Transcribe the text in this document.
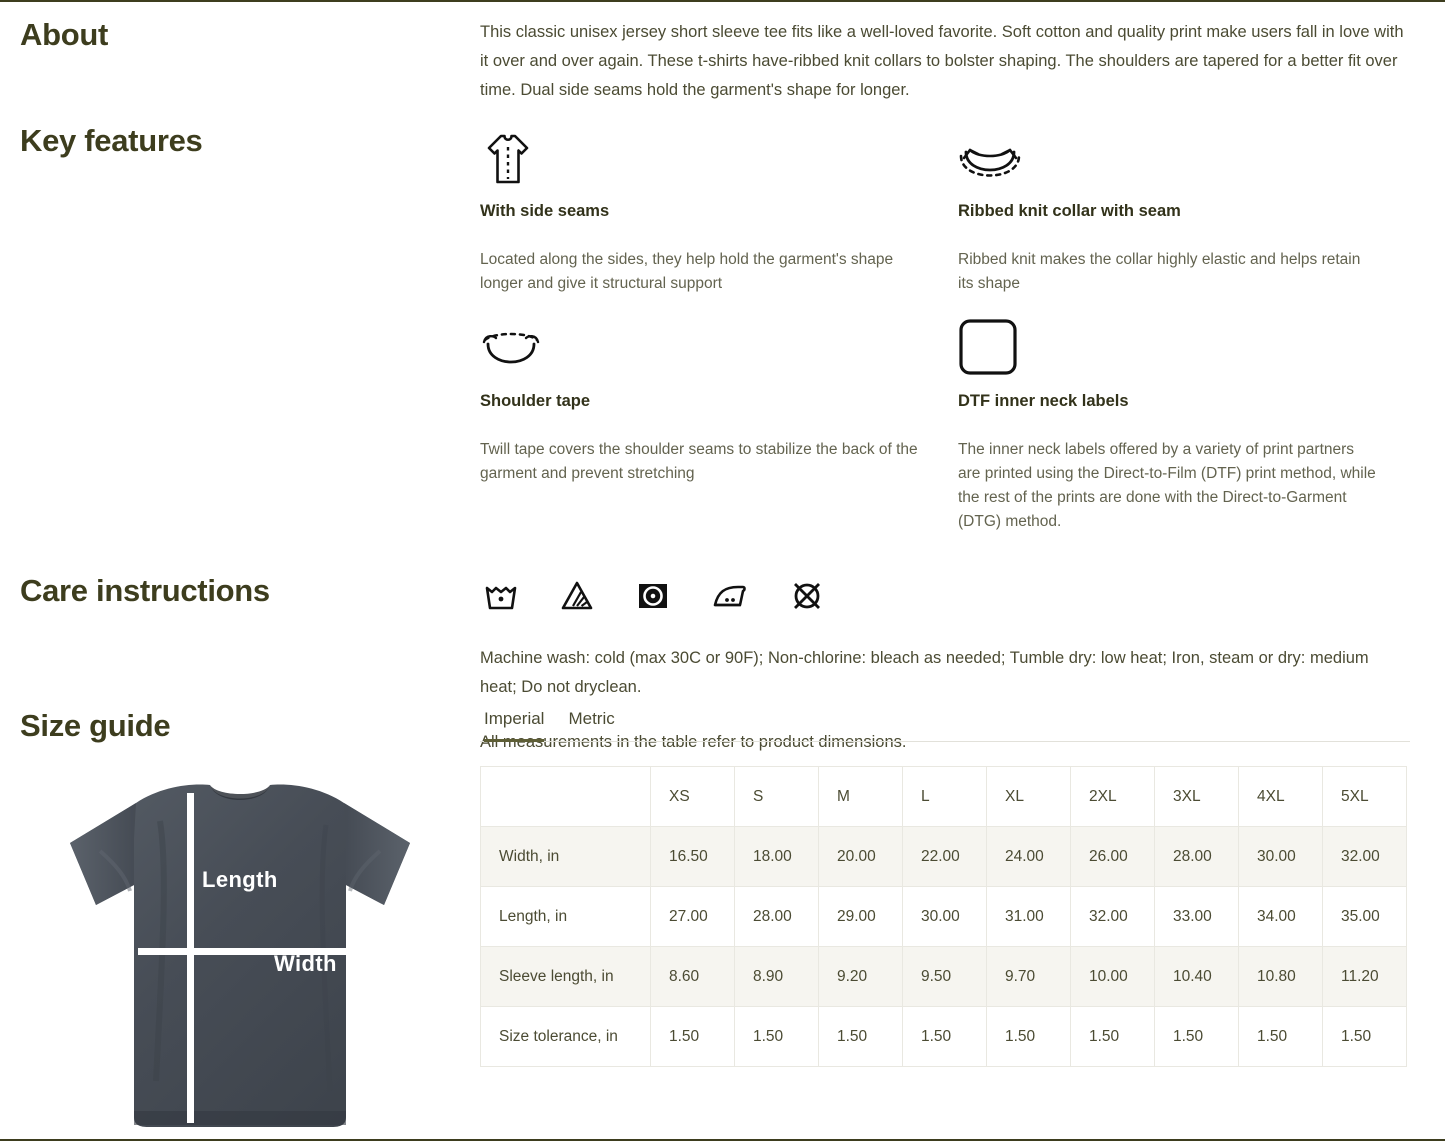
About	This classic unisex jersey short sleeve tee fits like a well-loved favorite. Soft cotton and quality print make users fall in love with it over and over again. These t-shirts have-ribbed knit collars to bolster shaping. The shoulders are tapered for a better fit over time. Dual side seams hold the garment's shape for longer.

Key features
With side seams
Located along the sides, they help hold the garment's shape longer and give it structural support
Ribbed knit collar with seam
Ribbed knit makes the collar highly elastic and helps retain its shape
Shoulder tape
Twill tape covers the shoulder seams to stabilize the back of the garment and prevent stretching
DTF inner neck labels
The inner neck labels offered by a variety of print partners are printed using the Direct-to-Film (DTF) print method, while the rest of the prints are done with the Direct-to-Garment (DTG) method.
Care instructions

Machine wash: cold (max 30C or 90F); Non-chlorine: bleach as needed; Tumble dry: low heat; Iron, steam or dry: medium heat; Do not dryclean.

All measurements in the table refer to product dimensions.

Size guide
Length
Width
Imperial Metric
	XS	S	M	L	XL	2XL	3XL	4XL	5XL
Width, in	16.50	18.00	20.00	22.00	24.00	26.00	28.00	30.00	32.00
Length, in	27.00	28.00	29.00	30.00	31.00	32.00	33.00	34.00	35.00
Sleeve length, in	8.60	8.90	9.20	9.50	9.70	10.00	10.40	10.80	11.20
Size tolerance, in	1.50	1.50	1.50	1.50	1.50	1.50	1.50	1.50	1.50
